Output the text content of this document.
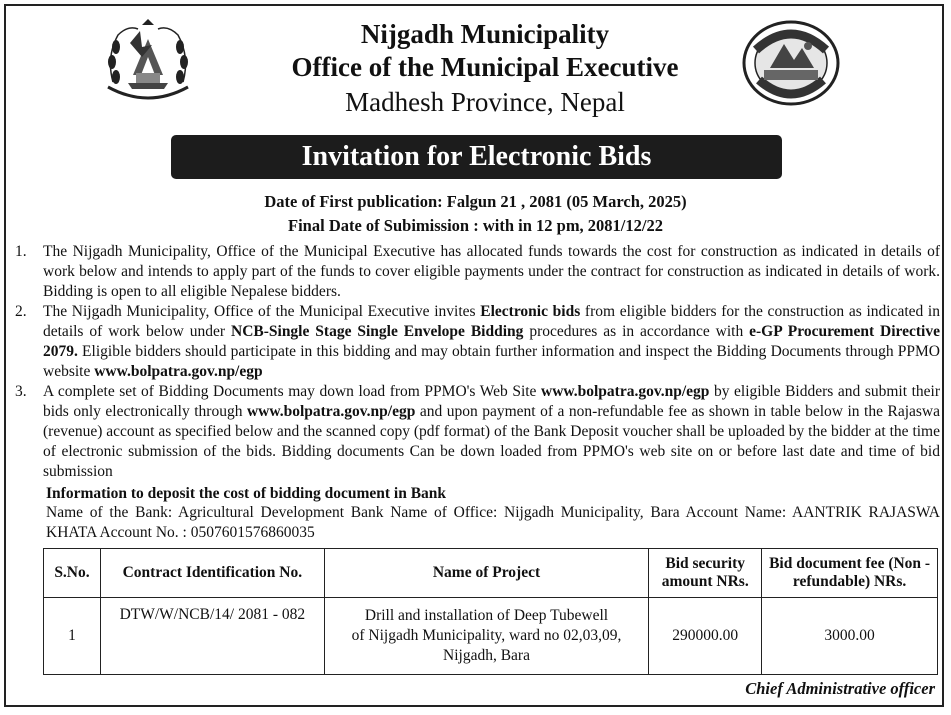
Nijgadh Municipality
Office of the Municipal Executive
Madhesh Province, Nepal
Invitation for Electronic Bids
Date of First publication: Falgun 21 , 2081 (05 March, 2025)
Final Date of Subimission : with in 12 pm, 2081/12/22
1.	The Nijgadh Municipality, Office of the Municipal Executive has allocated funds towards the cost for construction as indicated in details of work below and intends to apply part of the funds to cover eligible payments under the contract for construction as indicated in details of work. Bidding is open to all eligible Nepalese bidders.
2.	The Nijgadh Municipality, Office of the Municipal Executive invites Electronic bids from eligible bidders for the construction as indicated in details of work below under NCB-Single Stage Single Envelope Bidding procedures as in accordance with e-GP Procurement Directive 2079. Eligible bidders should participate in this bidding and may obtain further information and inspect the Bidding Documents through PPMO website www.bolpatra.gov.np/egp
3.	A complete set of Bidding Documents may down load from PPMO's Web Site www.bolpatra.gov.np/egp by eligible Bidders and submit their bids only electronically through www.bolpatra.gov.np/egp and upon payment of a non-refundable fee as shown in table below in the Rajaswa (revenue) account as specified below and the scanned copy (pdf format) of the Bank Deposit voucher shall be uploaded by the bidder at the time of electronic submission of the bids. Bidding documents Can be down loaded from PPMO's web site on or before last date and time of bid submission
Information to deposit the cost of bidding document in Bank
Name of the Bank: Agricultural Development Bank Name of Office: Nijgadh Municipality, Bara Account Name: AANTRIK RAJASWA KHATA Account No. : 0507601576860035
S.No.	Contract Identification No.	Name of Project	Bid security amount NRs.	Bid document fee (Non - refundable) NRs.
1	DTW/W/NCB/14/ 2081 - 082	Drill and installation of Deep Tubewell
of Nijgadh Municipality, ward no 02,03,09,
Nijgadh, Bara	290000.00	3000.00
Chief Administrative officer
